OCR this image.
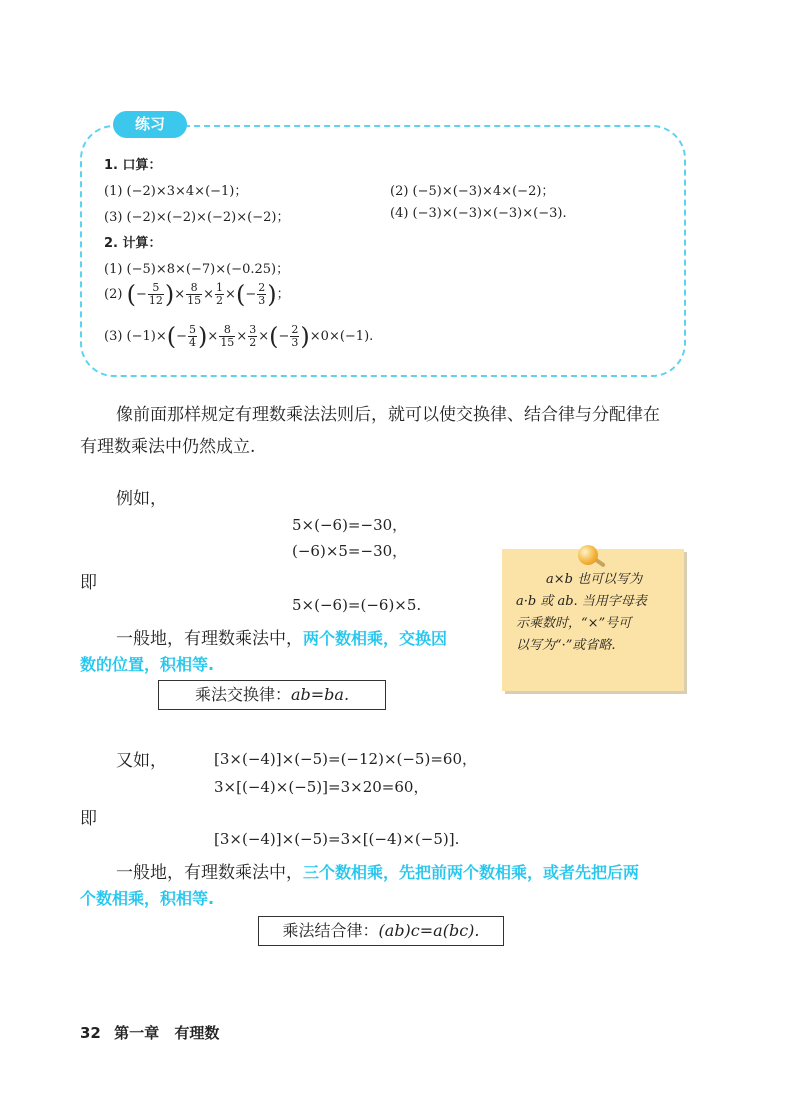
练习
1. 口算：
(1) (−2)×3×4×(−1)；	(2) (−5)×(−3)×4×(−2)；
(3) (−2)×(−2)×(−2)×(−2)；	(4) (−3)×(−3)×(−3)×(−3).
2. 计算：
(1) (−5)×8×(−7)×(−0.25)；
(2) (− $\frac{5}{12}$ )× $\frac{8}{15} \times \frac{1}{2}$ ×(− $\frac{2}{3}$ )；
(3) $(-1)\times(- \frac{5}{4}$ )× $\frac{8}{15} \times \frac{3}{2}$ ×(− $\frac{2}{3} )\times 0\times(-1)$.
像前面那样规定有理数乘法法则后，就可以使交换律、结合律与分配律在
有理数乘法中仍然成立.
例如，
5×(−6)=−30，
(−6)×5=−30，
即
5×(−6)=(−6)×5.
一般地，有理数乘法中，两个数相乘，交换因
数的位置，积相等.
乘法交换律：ab=ba.
a×b 也可以写为
a·b 或 ab. 当用字母表
示乘数时，“×”号可
以写为“·”或省略.
又如，	[3×(−4)]×(−5)=(−12)×(−5)=60，
3×[(−4)×(−5)]=3×20=60，
即
[3×(−4)]×(−5)=3×[(−4)×(−5)].
一般地，有理数乘法中，三个数相乘，先把前两个数相乘，或者先把后两
个数相乘，积相等.
乘法结合律：(ab)c=a(bc).
32 第一章 有理数
